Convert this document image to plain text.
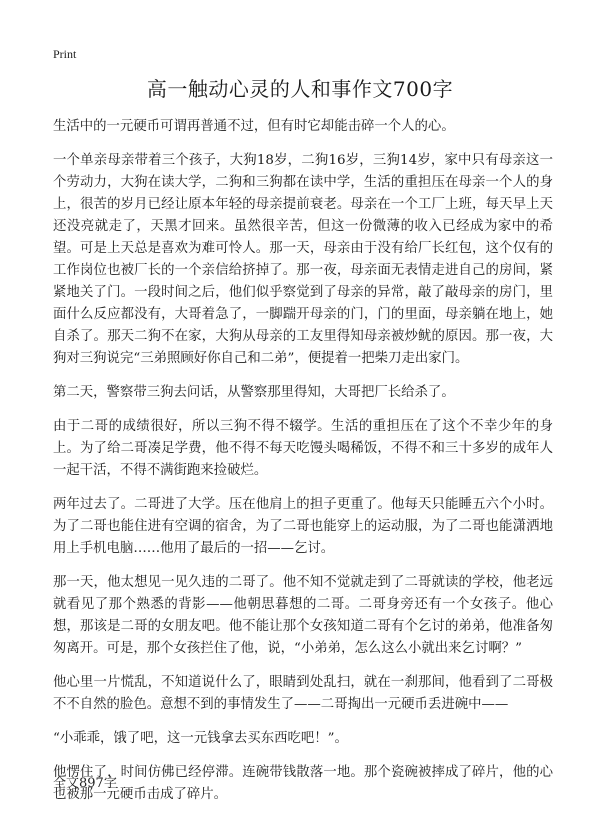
Print
高一触动心灵的人和事作文700字

生活中的一元硬币可谓再普通不过，但有时它却能击碎一个人的心。

一个单亲母亲带着三个孩子，大狗18岁，二狗16岁，三狗14岁，家中只有母亲这一个劳动力，大狗在读大学，二狗和三狗都在读中学，生活的重担压在母亲一个人的身上，很苦的岁月已经让原本年轻的母亲提前衰老。母亲在一个工厂上班，每天早上天还没亮就走了，天黑才回来。虽然很辛苦，但这一份微薄的收入已经成为家中的希望。可是上天总是喜欢为难可怜人。那一天，母亲由于没有给厂长红包，这个仅有的工作岗位也被厂长的一个亲信给挤掉了。那一夜，母亲面无表情走进自己的房间，紧紧地关了门。一段时间之后，他们似乎察觉到了母亲的异常，敲了敲母亲的房门，里面什么反应都没有，大哥着急了，一脚踹开母亲的门，门的里面，母亲躺在地上，她自杀了。那天二狗不在家，大狗从母亲的工友里得知母亲被炒鱿的原因。那一夜，大狗对三狗说完“三弟照顾好你自己和二弟”，便提着一把柴刀走出家门。

第二天，警察带三狗去问话，从警察那里得知，大哥把厂长给杀了。

由于二哥的成绩很好，所以三狗不得不辍学。生活的重担压在了这个不幸少年的身上。为了给二哥凑足学费，他不得不每天吃馒头喝稀饭，不得不和三十多岁的成年人一起干活，不得不满街跑来捡破烂。

两年过去了。二哥进了大学。压在他肩上的担子更重了。他每天只能睡五六个小时。为了二哥也能住进有空调的宿舍，为了二哥也能穿上的运动服，为了二哥也能潇洒地用上手机电脑……他用了最后的一招——乞讨。

那一天，他太想见一见久违的二哥了。他不知不觉就走到了二哥就读的学校，他老远就看见了那个熟悉的背影——他朝思暮想的二哥。二哥身旁还有一个女孩子。他心想，那该是二哥的女朋友吧。他不能让那个女孩知道二哥有个乞讨的弟弟，他准备匆匆离开。可是，那个女孩拦住了他，说，“小弟弟，怎么这么小就出来乞讨啊？”

他心里一片慌乱，不知道说什么了，眼睛到处乱扫，就在一刹那间，他看到了二哥极不不自然的脸色。意想不到的事情发生了——二哥掏出一元硬币丢进碗中——

“小乖乖，饿了吧，这一元钱拿去买东西吃吧！”。

他愣住了，时间仿佛已经停滞。连碗带钱散落一地。那个瓷碗被摔成了碎片，他的心也被那一元硬币击成了碎片。

全文897字
